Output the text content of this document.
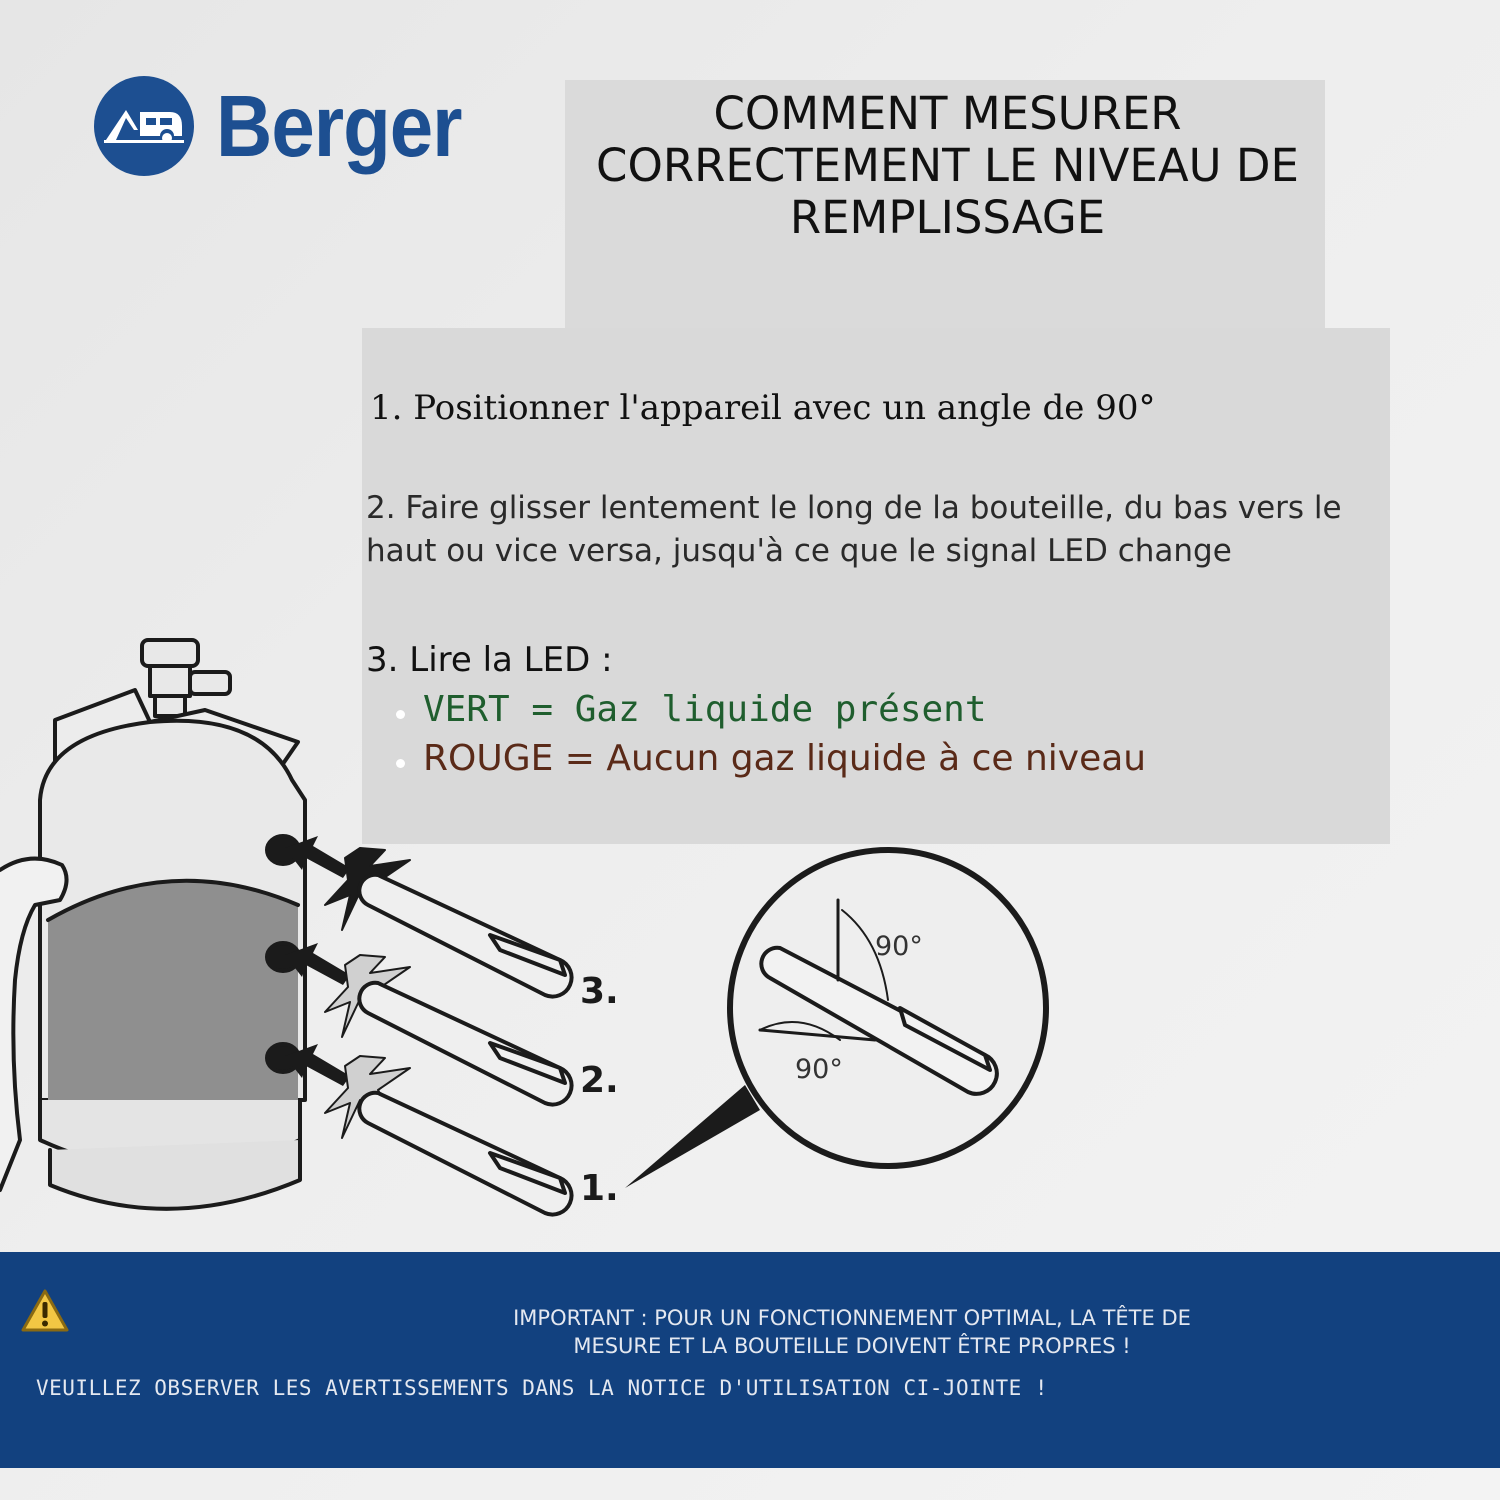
Berger	COMMENT MESURER CORRECTEMENT LE NIVEAU DE REMPLISSAGE
1. Positionner l'appareil avec un angle de 90°
2. Faire glisser lentement le long de la bouteille, du bas vers le haut ou vice versa, jusqu'à ce que le signal LED change
3. Lire la LED :
VERT = Gaz liquide présent
ROUGE = Aucun gaz liquide à ce niveau
90°
90°
3.
2.
1.
IMPORTANT : POUR UN FONCTIONNEMENT OPTIMAL, LA TÊTE DE MESURE ET LA BOUTEILLE DOIVENT ÊTRE PROPRES !
VEUILLEZ OBSERVER LES AVERTISSEMENTS DANS LA NOTICE D'UTILISATION CI-JOINTE !
